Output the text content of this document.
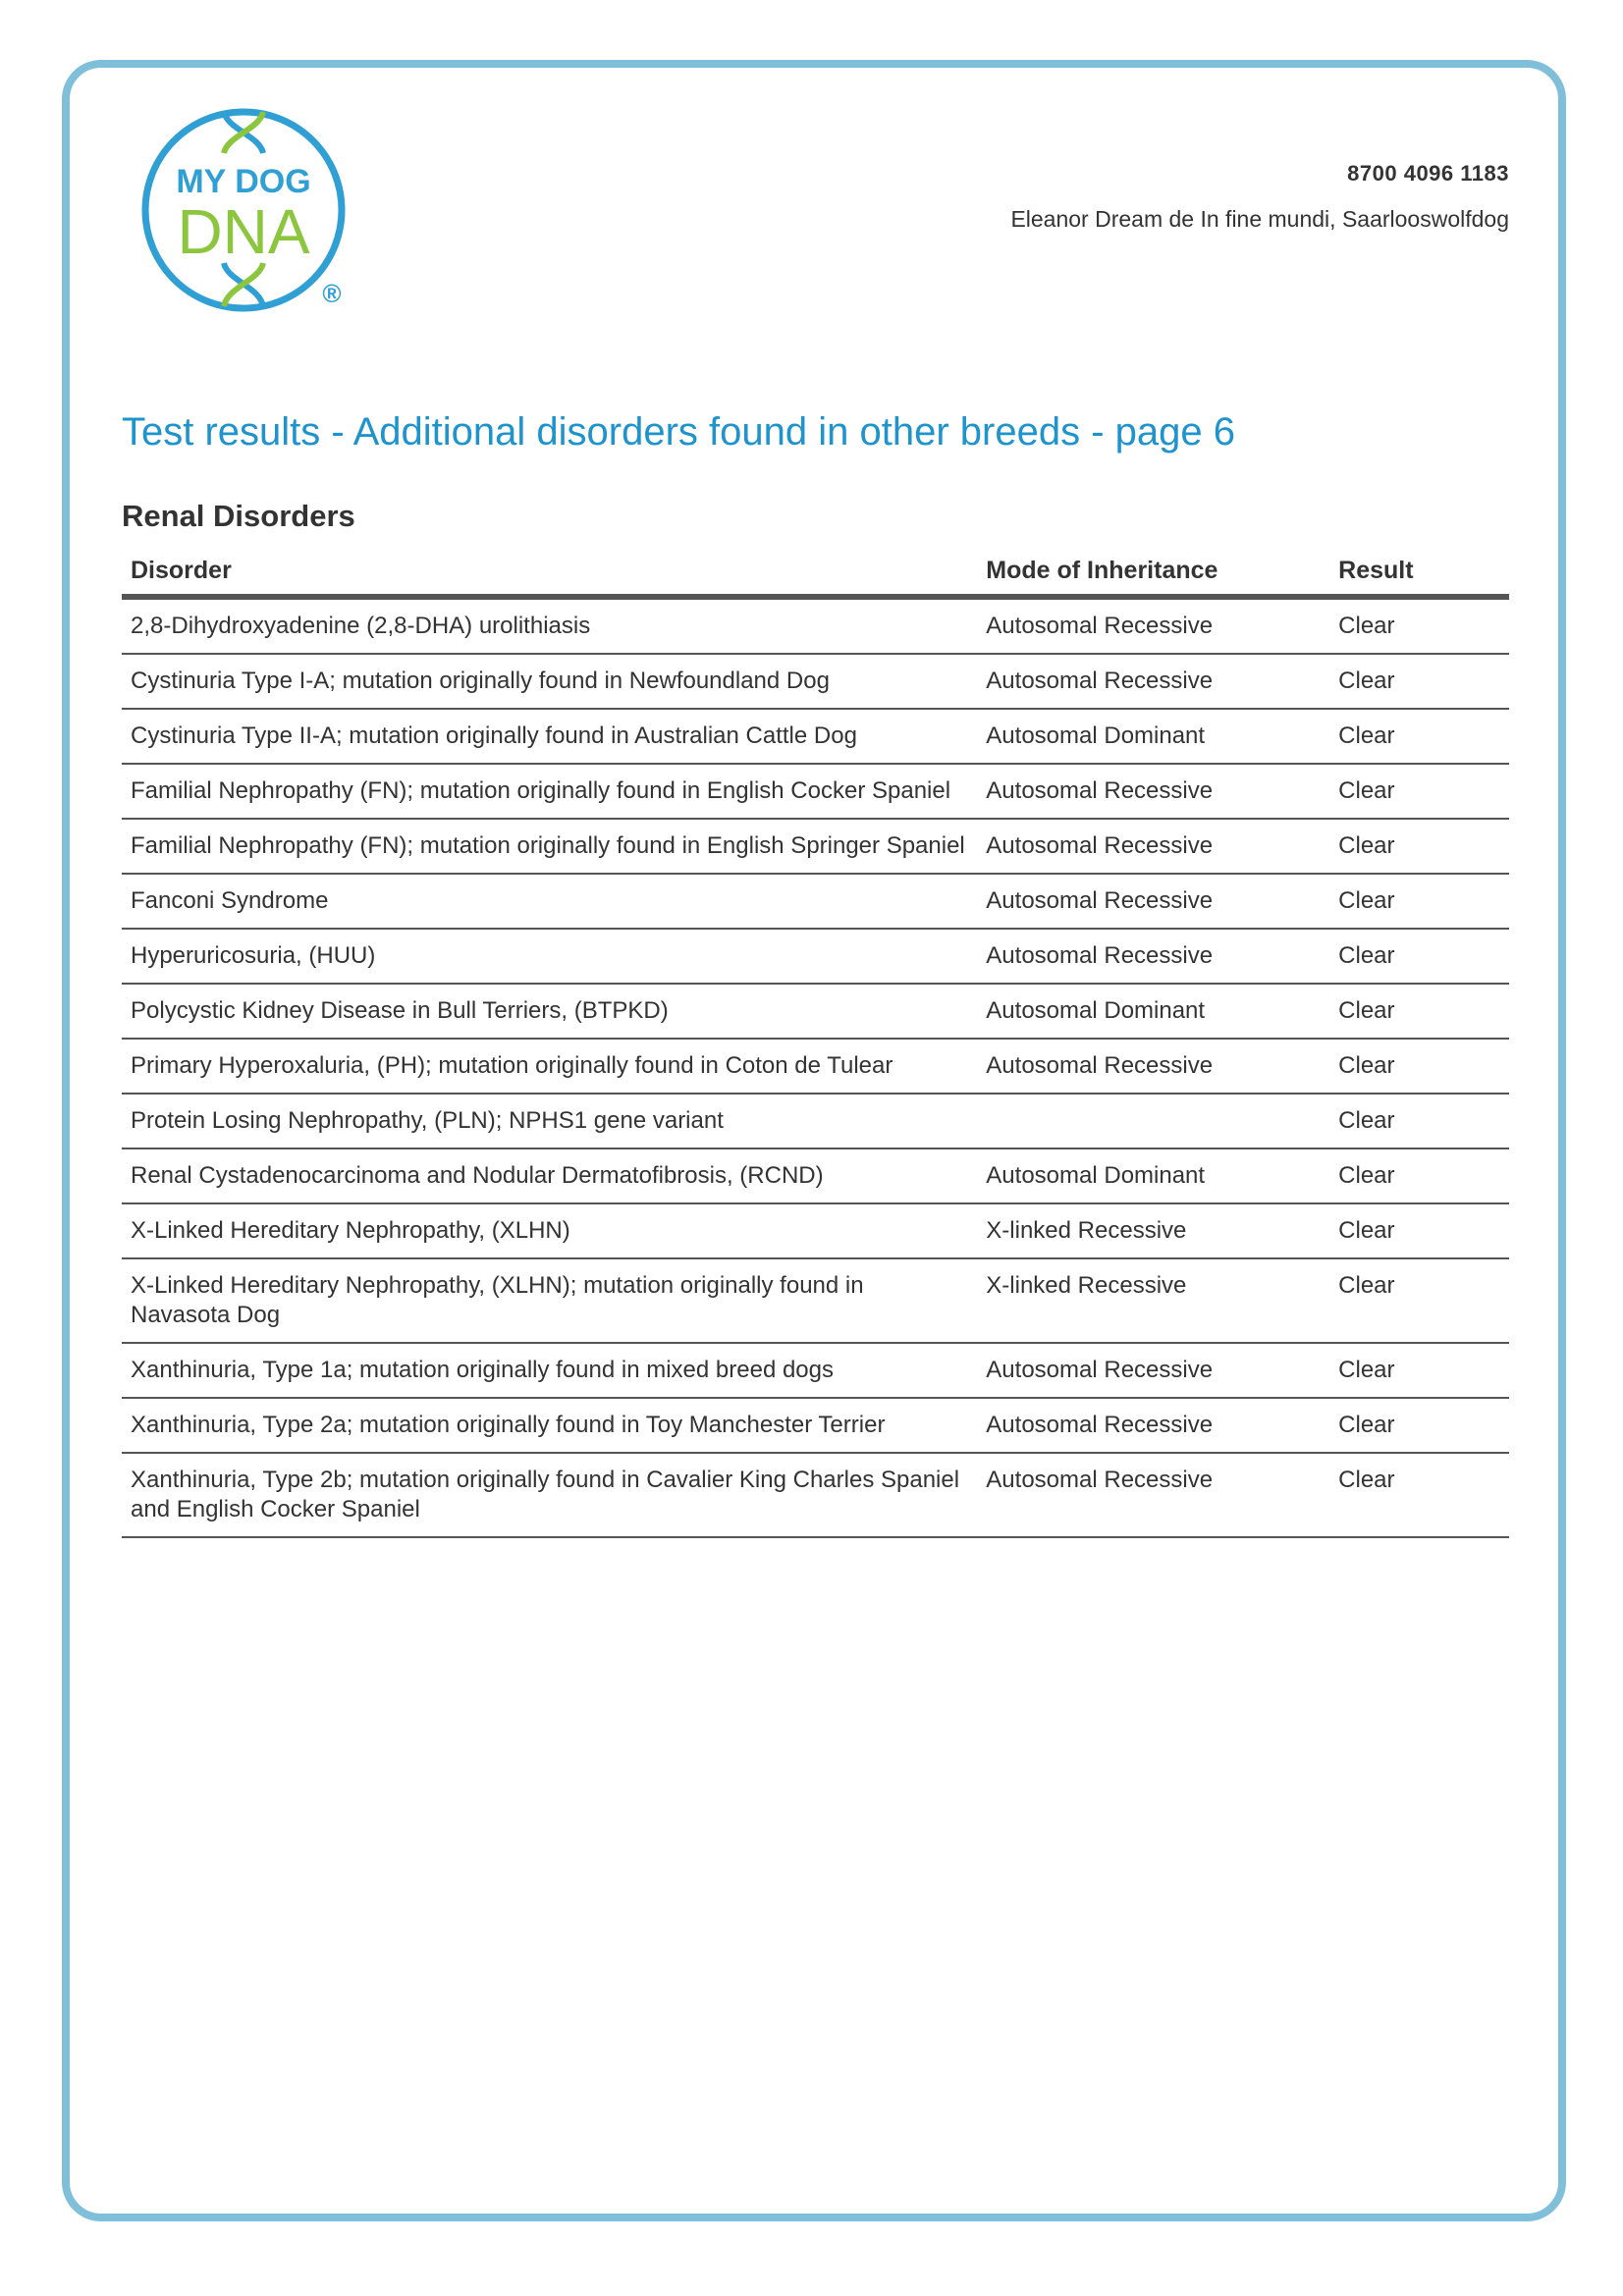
MY DOG
DNA
®
8700 4096 1183
Eleanor Dream de In fine mundi, Saarlooswolfdog
Test results - Additional disorders found in other breeds - page 6
Renal Disorders
Disorder	Mode of Inheritance	Result
2,8-Dihydroxyadenine (2,8-DHA) urolithiasis	Autosomal Recessive	Clear
Cystinuria Type I-A; mutation originally found in Newfoundland Dog	Autosomal Recessive	Clear
Cystinuria Type II-A; mutation originally found in Australian Cattle Dog	Autosomal Dominant	Clear
Familial Nephropathy (FN); mutation originally found in English Cocker Spaniel	Autosomal Recessive	Clear
Familial Nephropathy (FN); mutation originally found in English Springer Spaniel	Autosomal Recessive	Clear
Fanconi Syndrome	Autosomal Recessive	Clear
Hyperuricosuria, (HUU)	Autosomal Recessive	Clear
Polycystic Kidney Disease in Bull Terriers, (BTPKD)	Autosomal Dominant	Clear
Primary Hyperoxaluria, (PH); mutation originally found in Coton de Tulear	Autosomal Recessive	Clear
Protein Losing Nephropathy, (PLN); NPHS1 gene variant		Clear
Renal Cystadenocarcinoma and Nodular Dermatofibrosis, (RCND)	Autosomal Dominant	Clear
X-Linked Hereditary Nephropathy, (XLHN)	X-linked Recessive	Clear
X-Linked Hereditary Nephropathy, (XLHN); mutation originally found in Navasota Dog	X-linked Recessive	Clear
Xanthinuria, Type 1a; mutation originally found in mixed breed dogs	Autosomal Recessive	Clear
Xanthinuria, Type 2a; mutation originally found in Toy Manchester Terrier	Autosomal Recessive	Clear
Xanthinuria, Type 2b; mutation originally found in Cavalier King Charles Spaniel and English Cocker Spaniel	Autosomal Recessive	Clear
